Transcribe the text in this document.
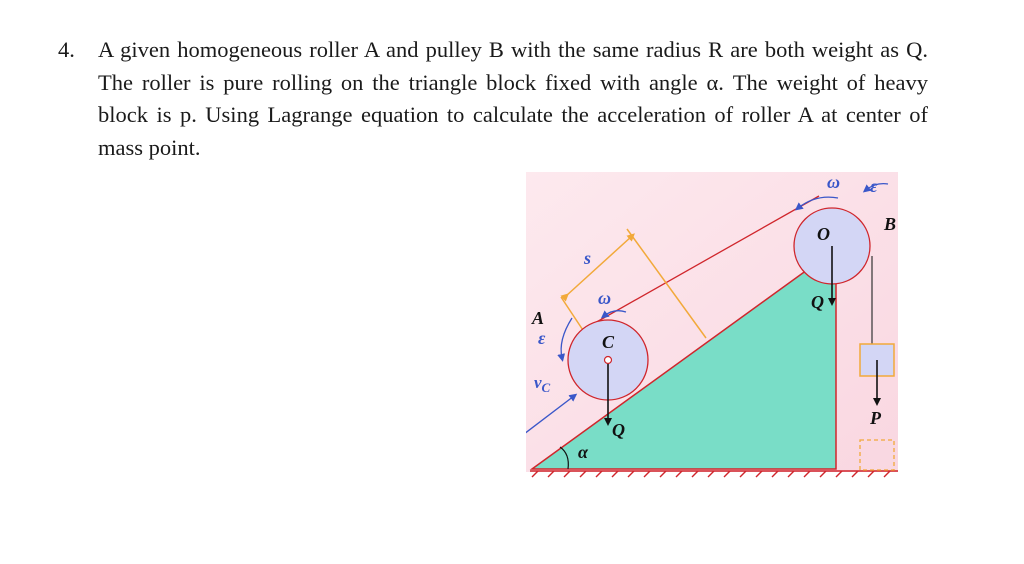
4. A given homogeneous roller A and pulley B with the same radius R are both weight as Q. The roller is pure rolling on the triangle block fixed with angle α. The weight of heavy block is p. Using Lagrange equation to calculate the acceleration of roller A at center of mass point.
ω ε
B
O
Q
P
s
ω
C
A
ε
$v_C$
Q
α
